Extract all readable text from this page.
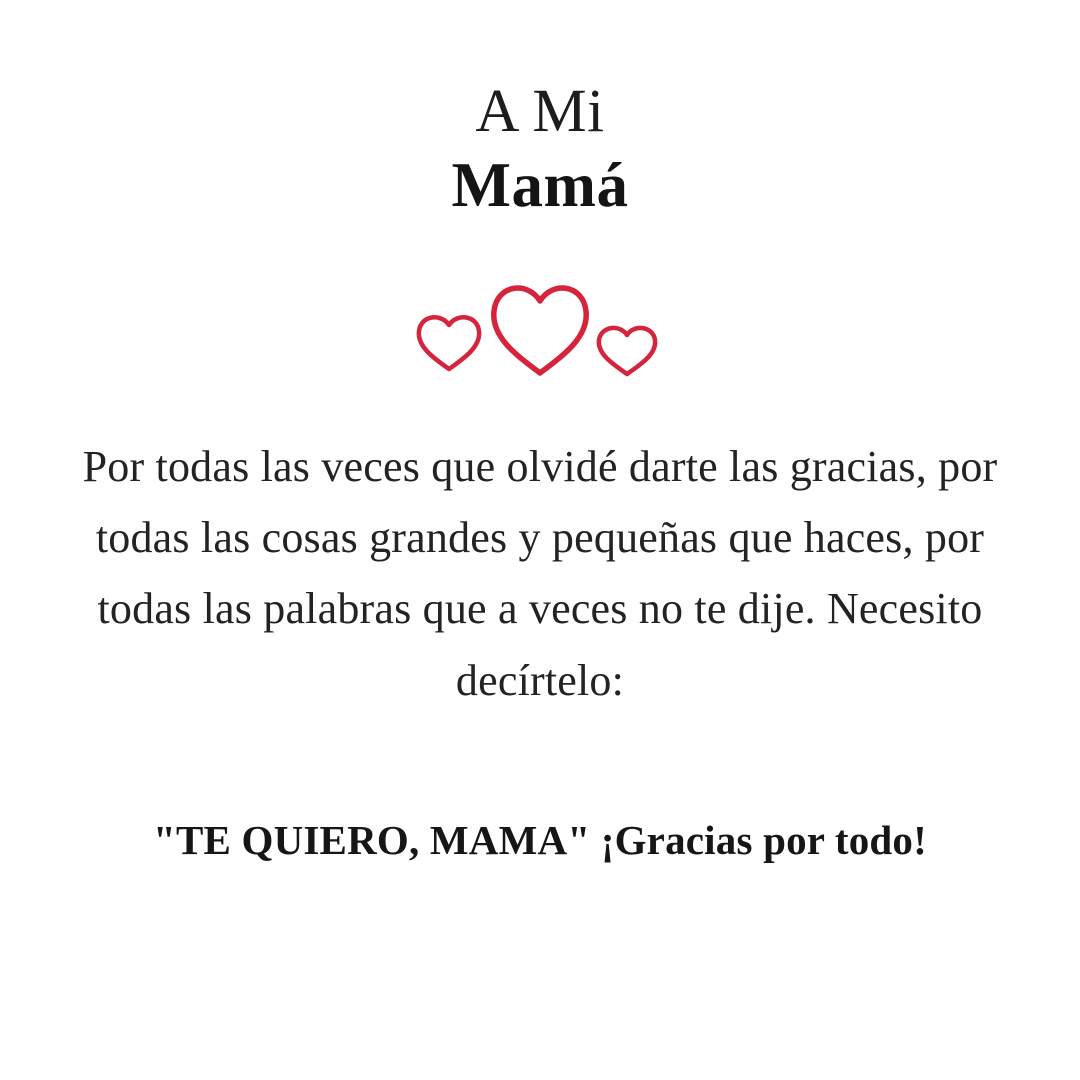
A Mi
Mamá
Por todas las veces que olvidé darte las gracias, por todas las cosas grandes y pequeñas que haces, por todas las palabras que a veces no te dije. Necesito decírtelo:
"TE QUIERO, MAMA" ¡Gracias por todo!
